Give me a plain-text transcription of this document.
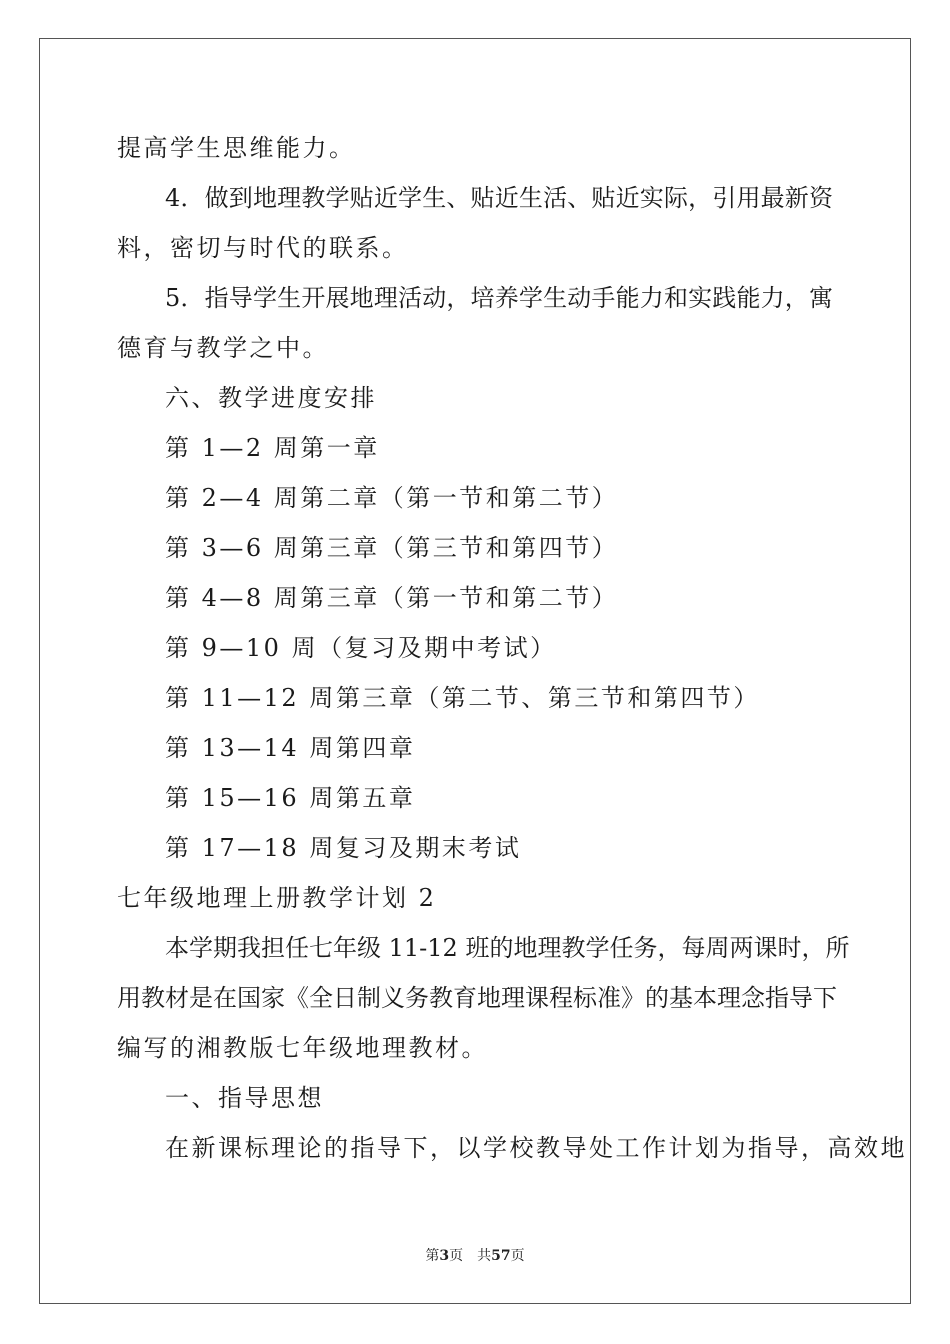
提高学生思维能力。
4．做到地理教学贴近学生、贴近生活、贴近实际，引用最新资
料，密切与时代的联系。
5．指导学生开展地理活动，培养学生动手能力和实践能力，寓
德育与教学之中。
六、教学进度安排
第 1—2 周第一章
第 2—4 周第二章（第一节和第二节）
第 3—6 周第三章（第三节和第四节）
第 4—8 周第三章（第一节和第二节）
第 9—10 周（复习及期中考试）
第 11—12 周第三章（第二节、第三节和第四节）
第 13—14 周第四章
第 15—16 周第五章
第 17—18 周复习及期末考试
七年级地理上册教学计划 2
本学期我担任七年级 11-12 班的地理教学任务，每周两课时，所
用教材是在国家《全日制义务教育地理课程标准》的基本理念指导下
编写的湘教版七年级地理教材。
一、指导思想
在新课标理论的指导下，以学校教导处工作计划为指导，高效地
第3页 共57页
